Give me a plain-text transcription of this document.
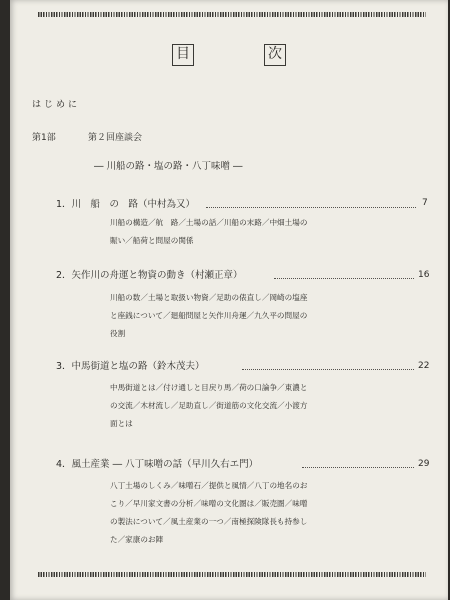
目	次
はじめに
第1部	第２回座談会
― 川船の路・塩の路・八丁味噌 ―
1．川　船　の　路（中村為又）	7
川船の構造／航　路／土場の話／川船の末路／中畑土場の
賑い／船荷と問屋の関係
2．矢作川の舟運と物資の動き（村瀬正章）	16
川船の数／土場と取扱い物資／足助の俵直し／岡崎の塩座
と座銭について／廻船問屋と矢作川舟運／九久平の問屋の
役割
3．中馬街道と塩の路（鈴木茂夫）	22
中馬街道とは／付け通しと目戻り馬／荷の口論争／東濃と
の交流／木材流し／足助直し／街道筋の文化交流／小渡方
面とは
4．風土産業 ― 八丁味噌の話（早川久右エ門）	29
八丁土場のしくみ／味噌石／提供と風情／八丁の地名のお
こり／早川家文書の分析／味噌の文化圏は／販売圏／味噌
の製法について／風土産業の一つ／南極探険隊長も持参し
た／家康のお陣
